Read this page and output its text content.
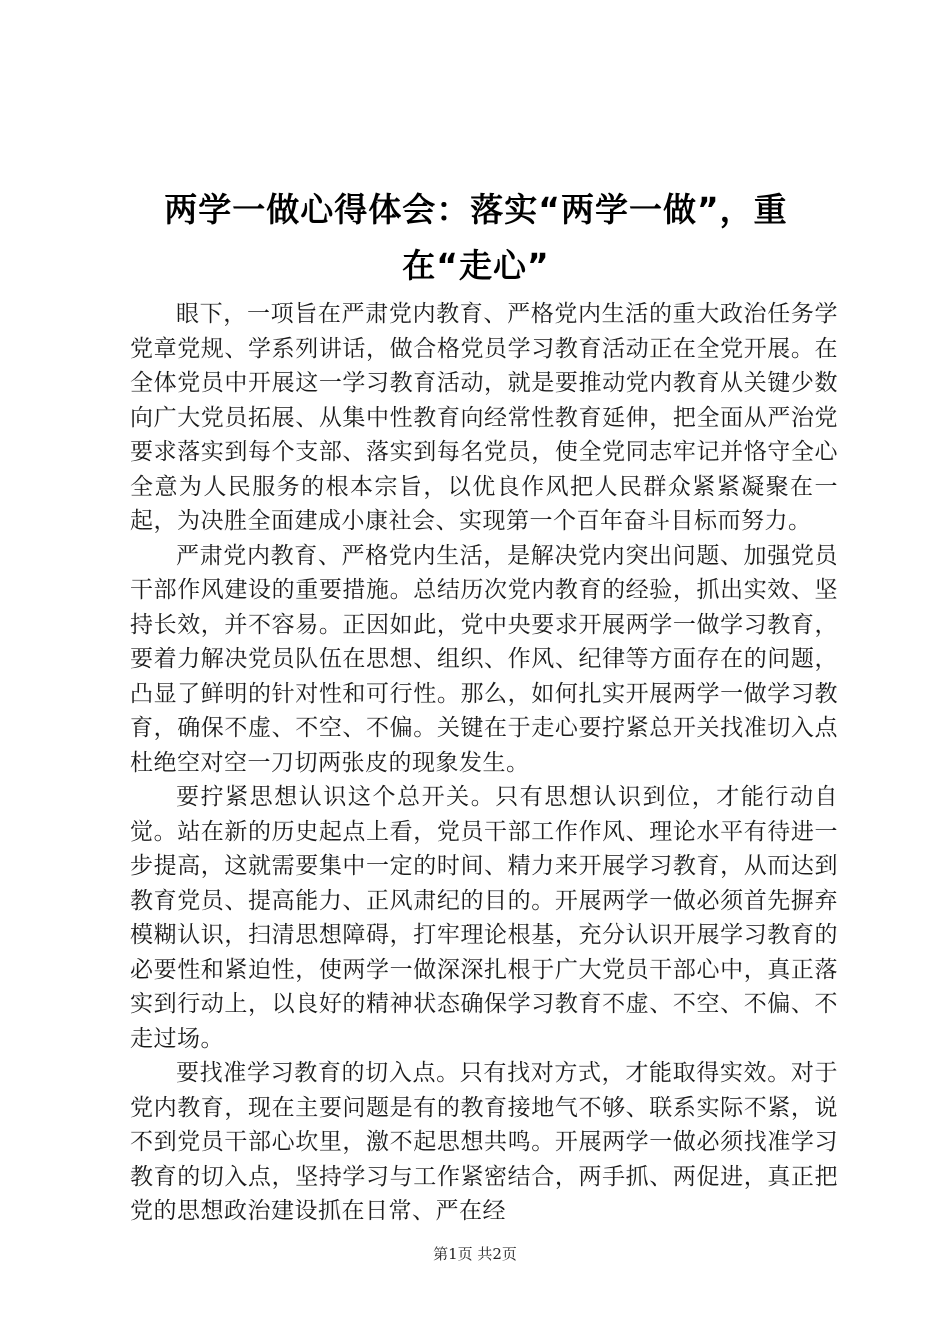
两学一做心得体会：落实“两学一做”，重在“走心”

眼下，一项旨在严肃党内教育、严格党内生活的重大政治任务学党章党规、学系列讲话，做合格党员学习教育活动正在全党开展。在全体党员中开展这一学习教育活动，就是要推动党内教育从关键少数向广大党员拓展、从集中性教育向经常性教育延伸，把全面从严治党要求落实到每个支部、落实到每名党员，使全党同志牢记并恪守全心全意为人民服务的根本宗旨，以优良作风把人民群众紧紧凝聚在一起，为决胜全面建成小康社会、实现第一个百年奋斗目标而努力。

严肃党内教育、严格党内生活，是解决党内突出问题、加强党员干部作风建设的重要措施。总结历次党内教育的经验，抓出实效、坚持长效，并不容易。正因如此，党中央要求开展两学一做学习教育，要着力解决党员队伍在思想、组织、作风、纪律等方面存在的问题，凸显了鲜明的针对性和可行性。那么，如何扎实开展两学一做学习教育，确保不虚、不空、不偏。关键在于走心要拧紧总开关找准切入点杜绝空对空一刀切两张皮的现象发生。

要拧紧思想认识这个总开关。只有思想认识到位，才能行动自觉。站在新的历史起点上看，党员干部工作作风、理论水平有待进一步提高，这就需要集中一定的时间、精力来开展学习教育，从而达到教育党员、提高能力、正风肃纪的目的。开展两学一做必须首先摒弃模糊认识，扫清思想障碍，打牢理论根基，充分认识开展学习教育的必要性和紧迫性，使两学一做深深扎根于广大党员干部心中，真正落实到行动上，以良好的精神状态确保学习教育不虚、不空、不偏、不走过场。

要找准学习教育的切入点。只有找对方式，才能取得实效。对于党内教育，现在主要问题是有的教育接地气不够、联系实际不紧，说不到党员干部心坎里，激不起思想共鸣。开展两学一做必须找准学习教育的切入点，坚持学习与工作紧密结合，两手抓、两促进，真正把党的思想政治建设抓在日常、严在经

第1页 共2页
